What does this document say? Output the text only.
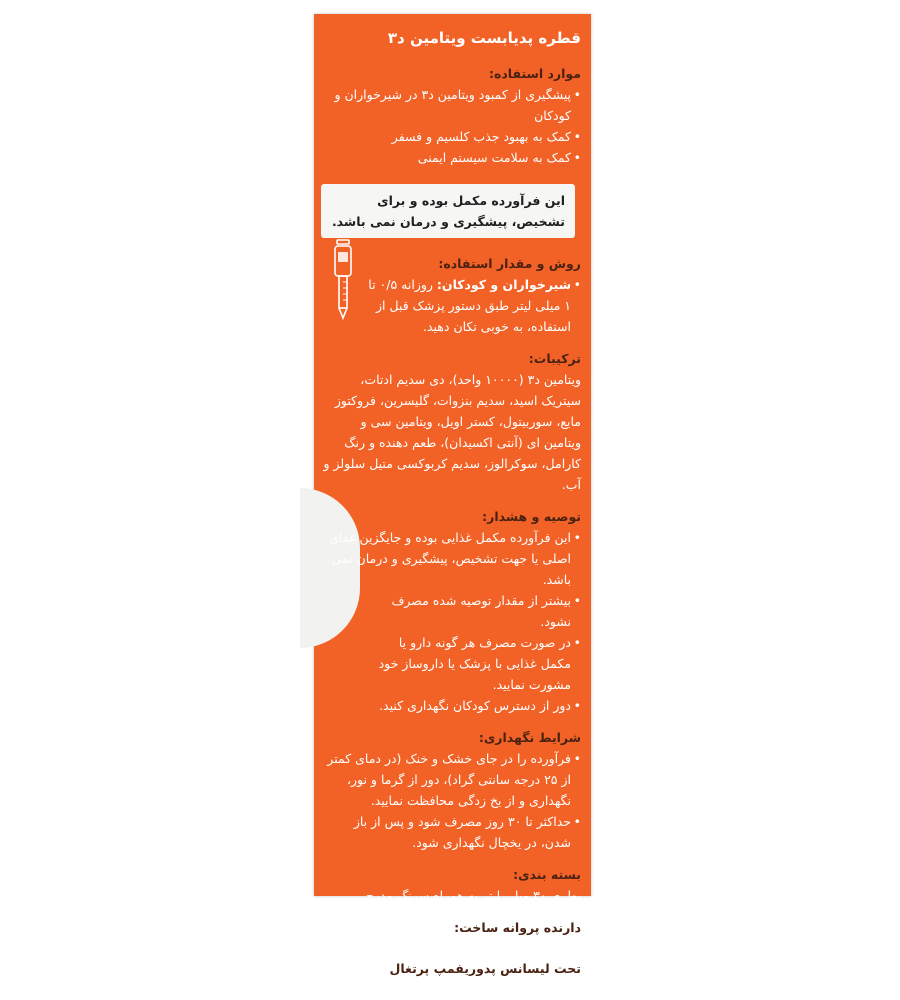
قطره پدیابست ویتامین د۳

موارد استفاده:

• پیشگیری از کمبود ویتامین د۳ در شیرخواران و کودکان

• کمک به بهبود جذب کلسیم و فسفر

• کمک به سلامت سیستم ایمنی

این فرآورده مکمل بوده و برای تشخیص، پیشگیری و درمان نمی باشد.

روش و مقدار استفاده:

• شیرخواران و کودکان: روزانه ۰/۵ تا ۱ میلی لیتر طبق دستور پزشک قبل از استفاده، به خوبی تکان دهید.

ترکیبات:

ویتامین د۳ (۱۰۰۰۰ واحد)، دی سدیم ادتات، سیتریک اسید، سدیم بنزوات، گلیسرین، فروکتوز مایع، سوربیتول، کستر اویل، ویتامین سی و ویتامین ای (آنتی اکسیدان)، طعم دهنده و رنگ کارامل، سوکرالوز، سدیم کربوکسی متیل سلولز و آب.

توصیه و هشدار:

• این فرآورده مکمل غذایی بوده و جایگزین غذای اصلی یا جهت تشخیص، پیشگیری و درمان نمی باشد.

• بیشتر از مقدار توصیه شده مصرف نشود.

• در صورت مصرف هر گونه دارو یا مکمل غذایی با پزشک یا داروساز خود مشورت نمایید.

• دور از دسترس کودکان نگهداری کنید.

شرایط نگهداری:

• فرآورده را در جای خشک و خنک (در دمای کمتر از ۲۵ درجه سانتی گراد)، دور از گرما و نور، نگهداری و از یخ زدگی محافظت نمایید.

• حداکثر تا ۳۰ روز مصرف شود و پس از باز شدن، در یخچال نگهداری شود.

بسته بندی:

بطری ۳۰ میلی لیتر به همراه سرنگ مدرج

دارنده پروانه ساخت:

شرکت کیان سلامت پایدار

تحت لیسانس پدوریفمپ پرتغال

تولید تحت لیسانس در شرکت داروسازی الحاوی
